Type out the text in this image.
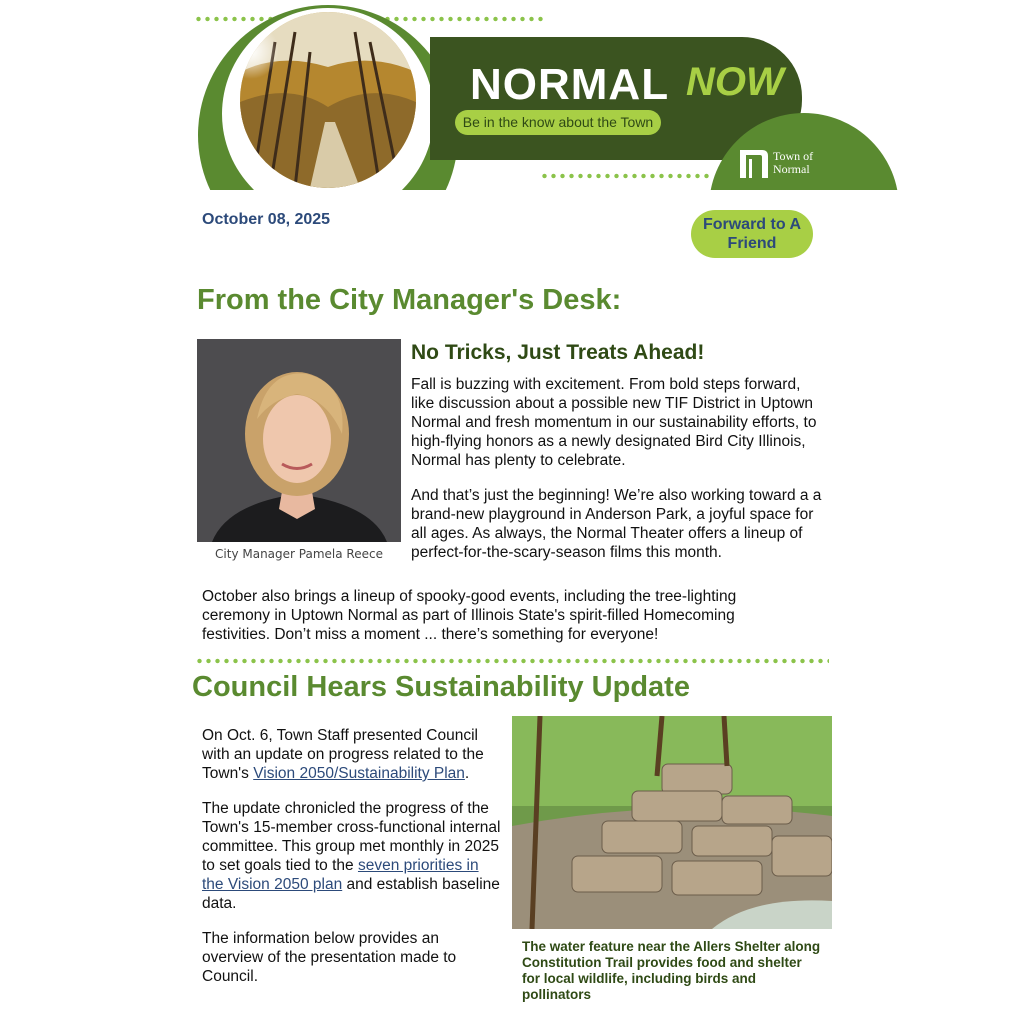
NORMAL NOW
Be in the know about the Town
Town of
Normal
October 08, 2025	Forward to A Friend
From the City Manager's Desk:
City Manager Pamela Reece
No Tricks, Just Treats Ahead!

Fall is buzzing with excitement. From bold steps forward, like discussion about a possible new TIF District in Uptown Normal and fresh momentum in our sustainability efforts, to high-flying honors as a newly designated Bird City Illinois, Normal has plenty to celebrate.

And that’s just the beginning! We’re also working toward a a brand-new playground in Anderson Park, a joyful space for all ages. As always, the Normal Theater offers a lineup of perfect-for-the-scary-season films this month.

October also brings a lineup of spooky-good events, including the tree-lighting ceremony in Uptown Normal as part of Illinois State's spirit-filled Homecoming festivities. Don’t miss a moment ... there’s something for everyone!

Council Hears Sustainability Update

On Oct. 6, Town Staff presented Council with an update on progress related to the Town's Vision 2050/Sustainability Plan.

The update chronicled the progress of the Town's 15-member cross-functional internal committee. This group met monthly in 2025 to set goals tied to the seven priorities in the Vision 2050 plan and establish baseline data.

The information below provides an overview of the presentation made to Council.

The water feature near the Allers Shelter along Constitution Trail provides food and shelter for local wildlife, including birds and pollinators
